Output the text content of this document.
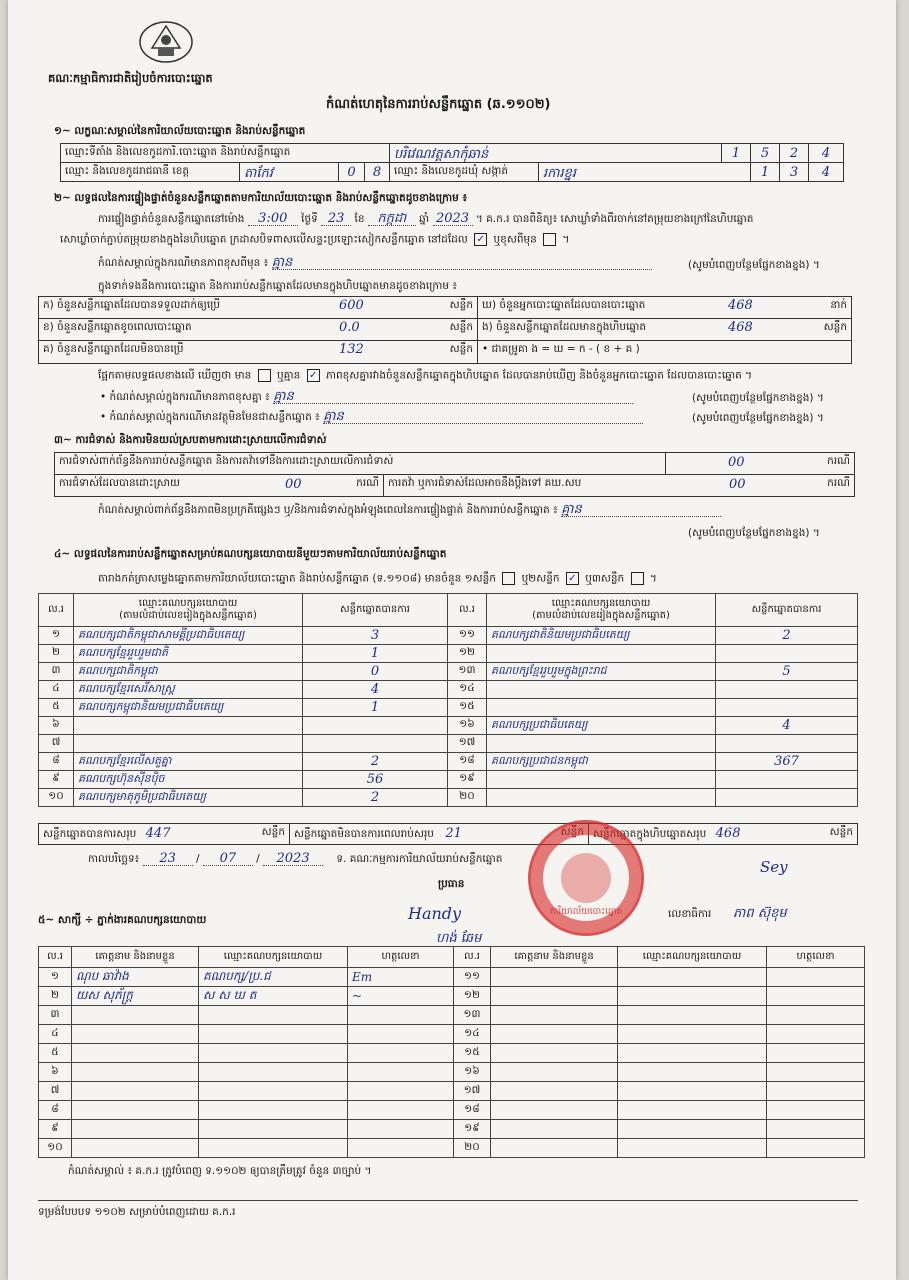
គណៈកម្មាធិការជាតិរៀបចំការបោះឆ្នោត
កំណត់ហេតុនៃការរាប់សន្លឹកឆ្នោត (ឆ.១១០២)
១~ លក្ខណៈសម្គាល់នៃការិយាល័យបោះឆ្នោត និងរាប់សន្លឹកឆ្នោត
ឈ្មោះទីតាំង និងលេខកូដការិ.បោះឆ្នោត និងរាប់សន្លឹកឆ្នោត	បរិវេណវត្តសាកុំឆាន់	1	5	2	4
ឈ្មោះ និងលេខកូដរាជធានី ខេត្ត	តាកែវ	0	8	ឈ្មោះ និងលេខកូដឃុំ សង្កាត់	រការខ្នុរ	1	3	4
២~ លទ្ធផលនៃការផ្ទៀងផ្ទាត់ចំនួនសន្លឹកឆ្នោតតាមការិយាល័យបោះឆ្នោត និងរាប់សន្លឹកឆ្នោតដូចខាងក្រោម ៖
ការផ្ទៀងផ្ទាត់ចំនួនសន្លឹកឆ្នោតនៅម៉ោង 3:00 ថ្ងៃទី 23 ខែ កក្កដា ឆ្នាំ 2023 ។ គ.ក.រ បានពិនិត្យ៖ សោឃ្លាំទាំងពីរចាក់នៅតម្រុយខាងក្រៅនៃហិបឆ្នោត
សោឃ្លាំចាក់ភ្ជាប់តម្រុយខាងក្នុងនៃហិបឆ្នោត ក្រដាសបិទពាសលើសន្ទះប្រឡោះសៀកសន្លឹកឆ្នោត នៅដដែល ✓ ឬខុសពីមុន ។
កំណត់សម្គាល់ក្នុងករណីមានភាពខុសពីមុន ៖ គ្មាន	(សូមបំពេញបន្ថែមផ្នែកខាងខ្នង) ។
ក្នុងទាក់ទងនឹងការបោះឆ្នោត និងការរាប់សន្លឹកឆ្នោតដែលមានក្នុងហិបឆ្នោតមានដូចខាងក្រោម ៖
ក) ចំនួនសន្លឹកឆ្នោតដែលបានទទួលដាក់ឲ្យប្រើ	600	សន្លឹក
ខ) ចំនួនសន្លឹកឆ្នោតខូចពេលបោះឆ្នោត	0.0	សន្លឹក
គ) ចំនួនសន្លឹកឆ្នោតដែលមិនបានប្រើ	132	សន្លឹក
ឃ) ចំនួនអ្នកបោះឆ្នោតដែលបានបោះឆ្នោត	468	នាក់
ង) ចំនួនសន្លឹកឆ្នោតដែលមានក្នុងហិបឆ្នោត	468	សន្លឹក
• ជាគម្រូគា ង = ឃ = ក - ( ខ + គ )
ផ្អែកតាមលទ្ធផលខាងលើ ឃើញថា មាន ឬគ្មាន ✓ ភាពខុសគ្នារវាងចំនួនសន្លឹកឆ្នោតក្នុងហិបឆ្នោត ដែលបានរាប់ឃើញ និងចំនួនអ្នកបោះឆ្នោត ដែលបានបោះឆ្នោត ។
• កំណត់សម្គាល់ក្នុងករណីមានភាពខុសគ្នា ៖ គ្មាន	(សូមបំពេញបន្ថែមផ្នែកខាងខ្នង) ។
• កំណត់សម្គាល់ក្នុងករណីមានវត្ថុមិនមែនជាសន្លឹកឆ្នោត ៖ គ្មាន	(សូមបំពេញបន្ថែមផ្នែកខាងខ្នង) ។
៣~ ការជំទាស់ និងការមិនយល់ស្របតាមការដោះស្រាយលើការជំទាស់
ការជំទាស់ពាក់ព័ន្ធនឹងការរាប់សន្លឹកឆ្នោត និងការតវ៉ាទៅនឹងការដោះស្រាយលើការជំទាស់	00	ករណី
ការជំទាស់ដែលបានដោះស្រាយ	00	ករណី ការតវ៉ា ឬការជំទាស់ដែលអាចនឹងប្តឹងទៅ គឃ.សប	00	ករណី
កំណត់សម្គាល់ពាក់ព័ន្ធនឹងភាពមិនប្រក្រតីផ្សេងៗ ឬ/និងការជំទាស់ក្នុងអំឡុងពេលនៃការផ្ទៀងផ្ទាត់ និងការរាប់សន្លឹកឆ្នោត ៖ គ្មាន
(សូមបំពេញបន្ថែមផ្នែកខាងខ្នង) ។
៤~ លទ្ធផលនៃការរាប់សន្លឹកឆ្នោតសម្រាប់គណបក្សនយោបាយនីមួយៗតាមការិយាល័យរាប់សន្លឹកឆ្នោត
តារាងកត់ត្រាសម្លេងឆ្នោតតាមការិយាល័យបោះឆ្នោត និងរាប់សន្លឹកឆ្នោត (ទ.១១០៨) មានចំនួន ១សន្លឹក ឬ២សន្លឹក ✓ ឬ៣សន្លឹក ។
ល.រ	ឈ្មោះគណបក្សនយោបាយ
(តាមលំដាប់លេខរៀងក្នុងសន្លឹកឆ្នោត)	សន្លឹកឆ្នោតបានការ
១	គណបក្សជាតិកម្ពុជាសាមគ្គីប្រជាធិបតេយ្យ	3
២	គណបក្សខ្មែររួបរួមជាតិ	1
៣	គណបក្សជាតិកម្ពុជា	0
៤	គណបក្សខ្មែរសេរីសាស្ត្រ	4
៥	គណបក្សកម្ពុជានិយមប្រជាធិបតេយ្យ	1
៦		
៧		
៨	គណបក្សខ្មែរលើសតួគ្នា	2
៩	គណបក្សហ៊ុនស៊ីនប៉ិច	56
១០	គណបក្សមាតុភូមិប្រជាធិបតេយ្យ	2
ល.រ	ឈ្មោះគណបក្សនយោបាយ
(តាមលំដាប់លេខរៀងក្នុងសន្លឹកឆ្នោត)	សន្លឹកឆ្នោតបានការ
១១	គណបក្សជាតិនិយមប្រជាធិបតេយ្យ	2
១២		
១៣	គណបក្សខ្មែររួបរួមក្នុងព្រះរាជ	5
១៤		
១៥		
១៦	គណបក្សប្រជាធិបតេយ្យ	4
១៧		
១៨	គណបក្សប្រជាជនកម្ពុជា	367
១៩		
២០		
សន្លឹកឆ្នោតបានការសរុប 447	សន្លឹក សន្លឹកឆ្នោតមិនបានការពេលរាប់សរុប 21	សន្លឹក សន្លឹកឆ្នោតក្នុងហិបឆ្នោតសរុប 468	សន្លឹក
កាលបរិច្ឆេទ៖ 23 / 07 / 2023	ទ. គណៈកម្មការការិយាល័យរាប់សន្លឹកឆ្នោត
ប្រធាន
Handy
ហង់ ឆែម
លេខាធិការ ភាព ស៊ុខុម
Sey
ការិយាល័យបោះឆ្នោត
៥~ សាក្សី ÷ ភ្នាក់ងារគណបក្សនយោបាយ
ល.រ	គោត្តនាម និងនាមខ្លួន	ឈ្មោះគណបក្សនយោបាយ	ហត្ថលេខា
១	ណុប ឆាវ៉ាង	គណបក្ស/ប្រ.ជ	Em
២	យស សុភ័ក្ត្រ	ស ស ឃ ត	~
៣			
៤			
៥			
៦			
៧			
៨			
៩			
១០			
ល.រ	គោត្តនាម និងនាមខ្លួន	ឈ្មោះគណបក្សនយោបាយ	ហត្ថលេខា
១១			
១២			
១៣			
១៤			
១៥			
១៦			
១៧			
១៨			
១៩			
២០			
កំណត់សម្គាល់ ៖ គ.ក.រ ត្រូវបំពេញ ទ.១១០២ ឲ្យបានត្រឹមត្រូវ ចំនួន ៣ច្បាប់ ។
ទម្រង់បែបបទ ១១០២ សម្រាប់បំពេញដោយ គ.ក.រ
